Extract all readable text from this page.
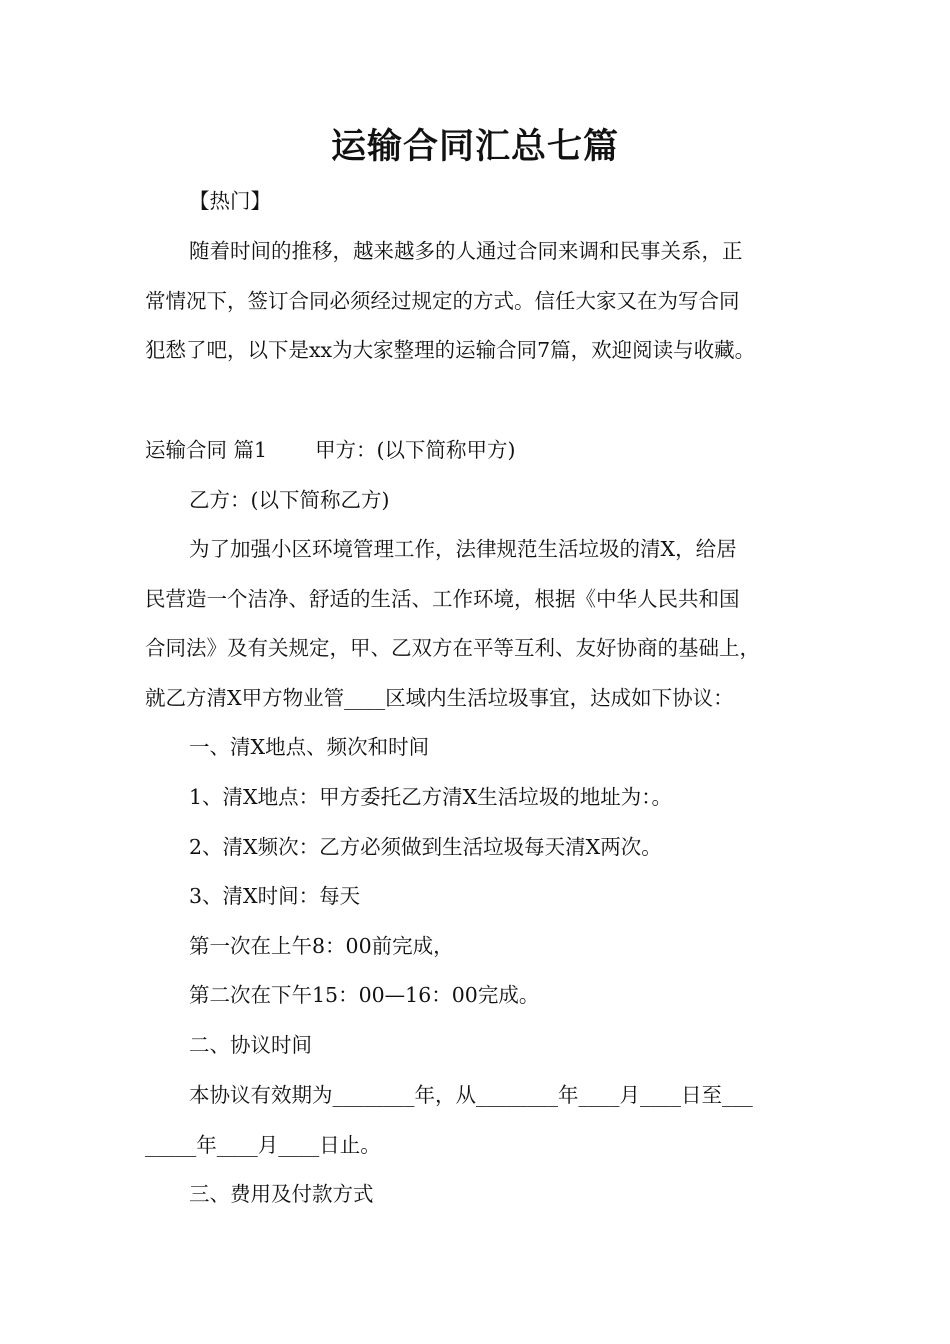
运输合同汇总七篇

【热门】

随着时间的推移，越来越多的人通过合同来调和民事关系，正
常情况下，签订合同必须经过规定的方式。信任大家又在为写合同
犯愁了吧，以下是xx为大家整理的运输合同7篇，欢迎阅读与收藏。

运输合同 篇1 甲方：(以下简称甲方)

乙方：(以下简称乙方)

为了加强小区环境管理工作，法律规范生活垃圾的清X，给居
民营造一个洁净、舒适的生活、工作环境，根据《中华人民共和国
合同法》及有关规定，甲、乙双方在平等互利、友好协商的基础上，
就乙方清X甲方物业管____区域内生活垃圾事宜，达成如下协议：

一、清X地点、频次和时间

1、清X地点：甲方委托乙方清X生活垃圾的地址为：。
2、清X频次：乙方必须做到生活垃圾每天清X两次。
3、清X时间：每天
第一次在上午8：00前完成，
第二次在下午15：00—16：00完成。

二、协议时间

本协议有效期为________年，从________年____月____日至___
_____年____月____日止。

三、费用及付款方式
